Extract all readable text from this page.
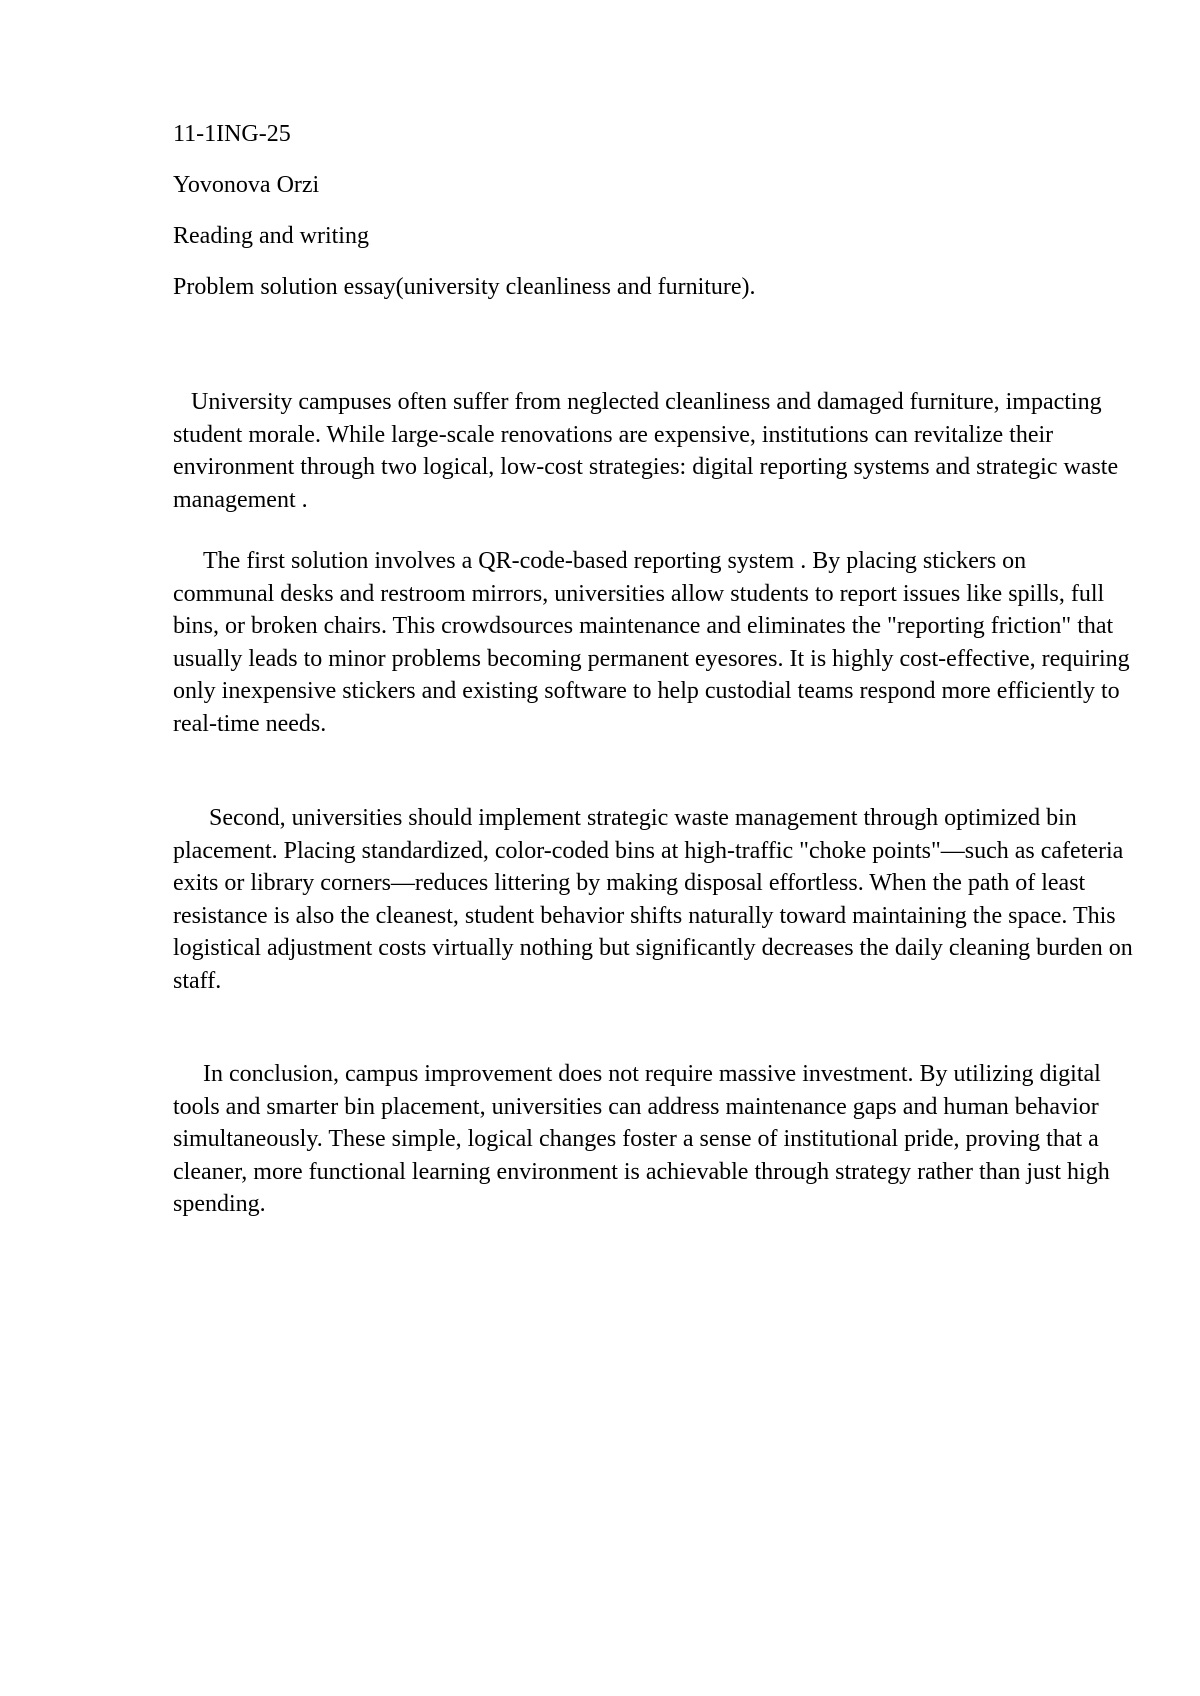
11-1ING-25
Yovonova Orzi
Reading and writing
Problem solution essay(university cleanliness and furniture).

University campuses often suffer from neglected cleanliness and damaged furniture, impacting student morale. While large-scale renovations are expensive, institutions can revitalize their environment through two logical, low-cost strategies: digital reporting systems and strategic waste management .

The first solution involves a QR-code-based reporting system . By placing stickers on communal desks and restroom mirrors, universities allow students to report issues like spills, full bins, or broken chairs. This crowdsources maintenance and eliminates the "reporting friction" that usually leads to minor problems becoming permanent eyesores. It is highly cost-effective, requiring only inexpensive stickers and existing software to help custodial teams respond more efficiently to real-time needs.

Second, universities should implement strategic waste management through optimized bin placement. Placing standardized, color-coded bins at high-traffic "choke points"—such as cafeteria exits or library corners—reduces littering by making disposal effortless. When the path of least resistance is also the cleanest, student behavior shifts naturally toward maintaining the space. This logistical adjustment costs virtually nothing but significantly decreases the daily cleaning burden on staff.

In conclusion, campus improvement does not require massive investment. By utilizing digital tools and smarter bin placement, universities can address maintenance gaps and human behavior simultaneously. These simple, logical changes foster a sense of institutional pride, proving that a cleaner, more functional learning environment is achievable through strategy rather than just high spending.
